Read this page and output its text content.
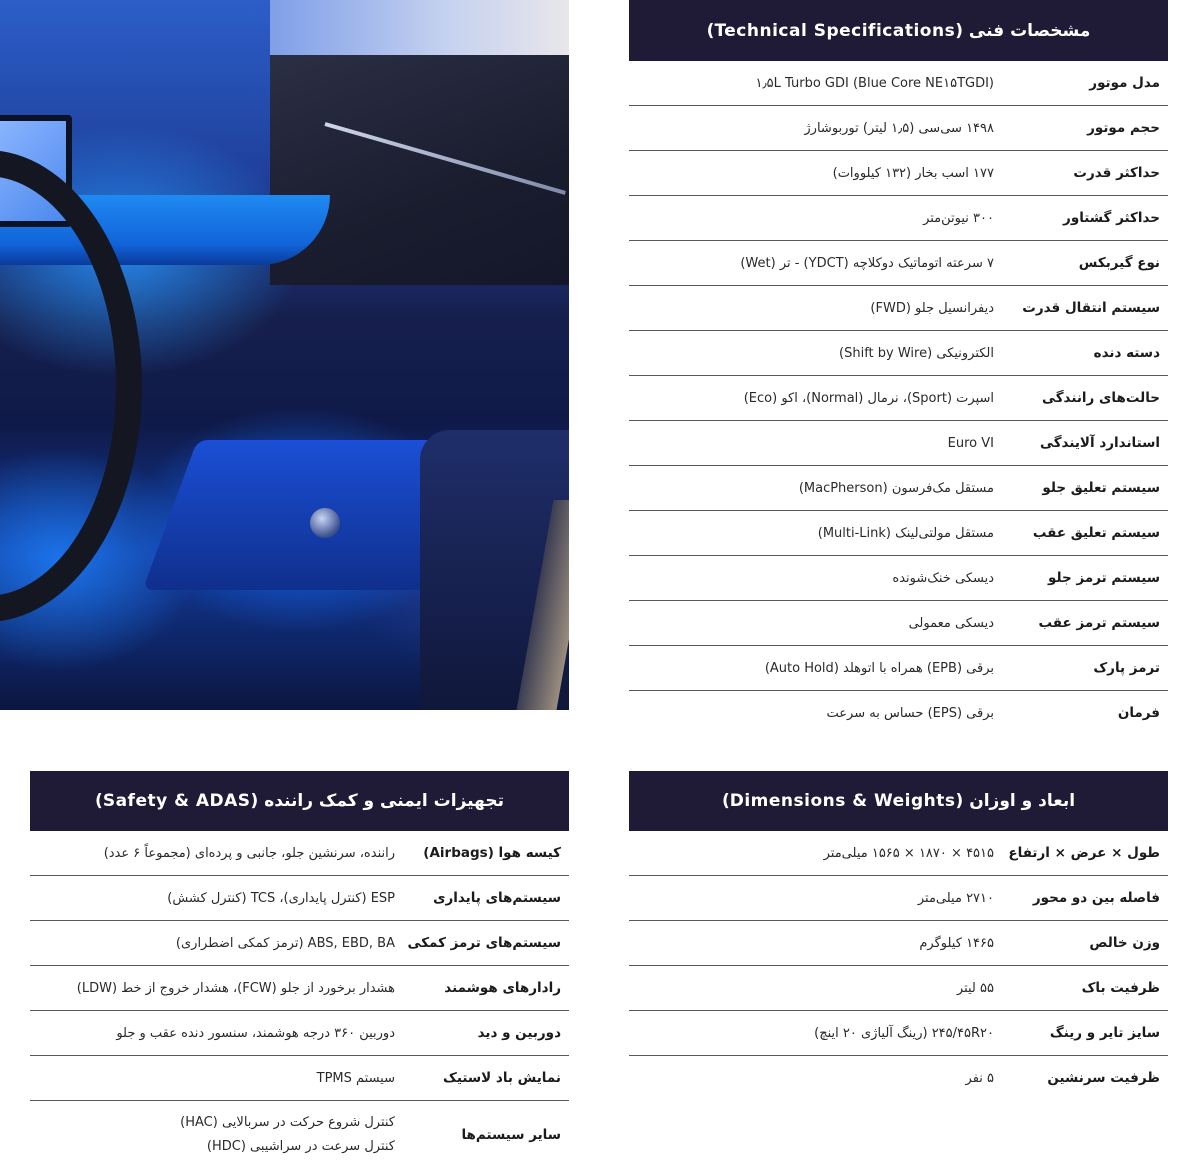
مشخصات فنی (Technical Specifications)
مدل موتور
۱٫۵L Turbo GDI (Blue Core NE۱۵TGDI)
حجم موتور
۱۴۹۸ سی‌سی (۱٫۵ لیتر) توربوشارژ
حداکثر قدرت
۱۷۷ اسب بخار (۱۳۲ کیلووات)
حداکثر گشتاور
۳۰۰ نیوتن‌متر
نوع گیربکس
۷ سرعته اتوماتیک دوکلاچه (YDCT) - تر (Wet)
سیستم انتقال قدرت
دیفرانسیل جلو (FWD)
دسته دنده
الکترونیکی (Shift by Wire)
حالت‌های رانندگی
اسپرت (Sport)، نرمال (Normal)، اکو (Eco)
استاندارد آلایندگی
Euro VI
سیستم تعلیق جلو
مستقل مک‌فرسون (MacPherson)
سیستم تعلیق عقب
مستقل مولتی‌لینک (Multi-Link)
سیستم ترمز جلو
دیسکی خنک‌شونده
سیستم ترمز عقب
دیسکی معمولی
ترمز پارک
برقی (EPB) همراه با اتوهلد (Auto Hold)
فرمان
برقی (EPS) حساس به سرعت
ابعاد و اوزان (Dimensions & Weights)
طول × عرض × ارتفاع
۴۵۱۵ × ۱۸۷۰ × ۱۵۶۵ میلی‌متر
فاصله بین دو محور
۲۷۱۰ میلی‌متر
وزن خالص
۱۴۶۵ کیلوگرم
ظرفیت باک
۵۵ لیتر
سایز تایر و رینگ
۲۴۵/۴۵R۲۰ (رینگ آلیاژی ۲۰ اینچ)
ظرفیت سرنشین
۵ نفر
تجهیزات ایمنی و کمک راننده (Safety & ADAS)
کیسه هوا (Airbags)
راننده، سرنشین جلو، جانبی و پرده‌ای (مجموعاً ۶ عدد)
سیستم‌های پایداری
ESP (کنترل پایداری)، TCS (کنترل کشش)
سیستم‌های ترمز کمکی
ABS, EBD, BA (ترمز کمکی اضطراری)
رادارهای هوشمند
هشدار برخورد از جلو (FCW)، هشدار خروج از خط (LDW)
دوربین و دید
دوربین ۳۶۰ درجه هوشمند، سنسور دنده عقب و جلو
نمایش باد لاستیک
سیستم TPMS
سایر سیستم‌ها
کنترل شروع حرکت در سربالایی (HAC)
کنترل سرعت در سراشیبی (HDC)
